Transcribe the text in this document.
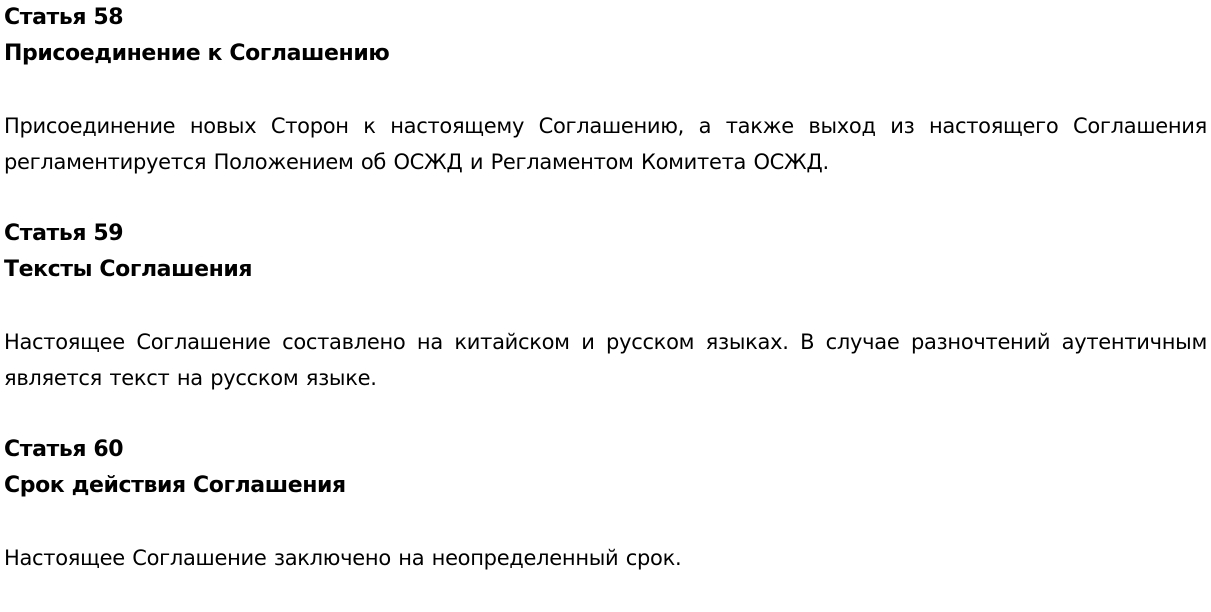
Статья 58
Присоединение к Соглашению

Присоединение новых Сторон к настоящему Соглашению, а также выход из настоящего Соглашения регламентируется Положением об ОСЖД и Регламентом Комитета ОСЖД.

Статья 59
Тексты Соглашения

Настоящее Соглашение составлено на китайском и русском языках. В случае разночтений аутентичным является текст на русском языке.

Статья 60
Срок действия Соглашения

Настоящее Соглашение заключено на неопределенный срок.
